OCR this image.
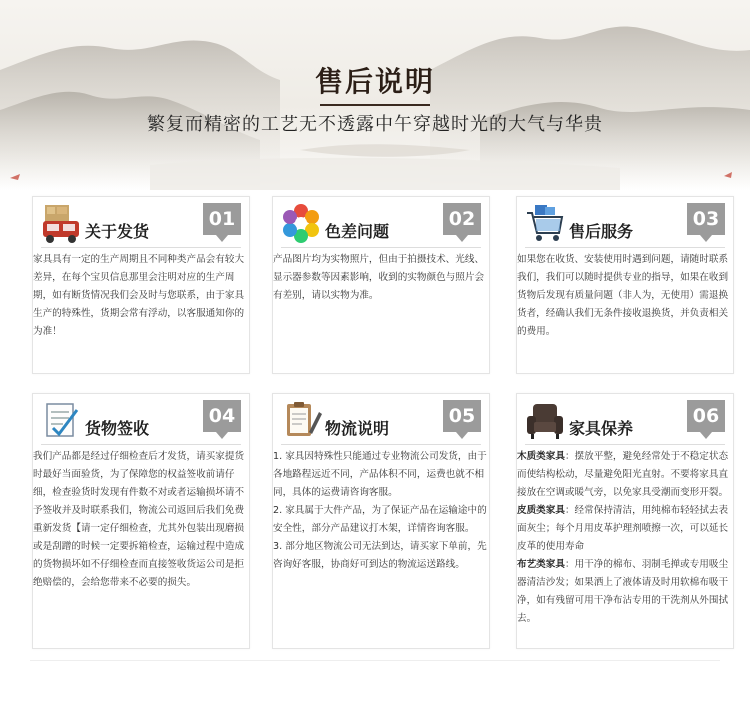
售后说明
繁复而精密的工艺无不透露中午穿越时光的大气与华贵
关于发货
01

家具具有一定的生产周期且不同种类产品会有较大差异，在每个宝贝信息那里会注明对应的生产周期，如有断货情况我们会及时与您联系，由于家具生产的特殊性，货期会常有浮动，以客服通知你的为准！

色差问题
02

产品图片均为实物照片，但由于拍摄技术、光线、显示器参数等因素影响，收到的实物颜色与照片会有差别，请以实物为准。

售后服务
03

如果您在收货、安装使用时遇到问题，请随时联系我们，我们可以随时提供专业的指导，如果在收到货物后发现有质量问题（非人为，无使用）需退换货者，经确认我们无条件接收退换货，并负责相关的费用。

货物签收
04

我们产品都是经过仔细检查后才发货，请买家提货时最好当面验货，为了保障您的权益签收前请仔细，检查验货时发现有件数不对或者运输损坏请不予签收并及时联系我们，物流公司返回后我们免费重新发货【请一定仔细检查，尤其外包装出现磨损或是刮蹭的时候一定要拆箱检查，运输过程中造成的货物损坏如不仔细检查而直接签收货运公司是拒绝赔偿的，会给您带来不必要的损失。

物流说明
05

1. 家具因特殊性只能通过专业物流公司发货，由于各地路程远近不同，产品体积不同，运费也就不相同，具体的运费请咨询客服。

2. 家具属于大件产品，为了保证产品在运输途中的安全性，部分产品建议打木架，详情咨询客服。

3. 部分地区物流公司无法到达，请买家下单前，先咨询好客服，协商好可到达的物流运送路线。

家具保养
06

木质类家具：摆放平整，避免经常处于不稳定状态而使结构松动，尽量避免阳光直射。不要将家具直接放在空调或暖气旁，以免家具受潮而变形开裂。

皮质类家具：经常保持清洁，用纯棉布轻轻拭去表面灰尘；每个月用皮革护理剂喷擦一次，可以延长皮革的使用寿命

布艺类家具：用干净的棉布、羽制毛掸或专用吸尘器清洁沙发；如果洒上了液体请及时用软棉布吸干净，如有残留可用干净布沾专用的干洗剂从外围拭去。
